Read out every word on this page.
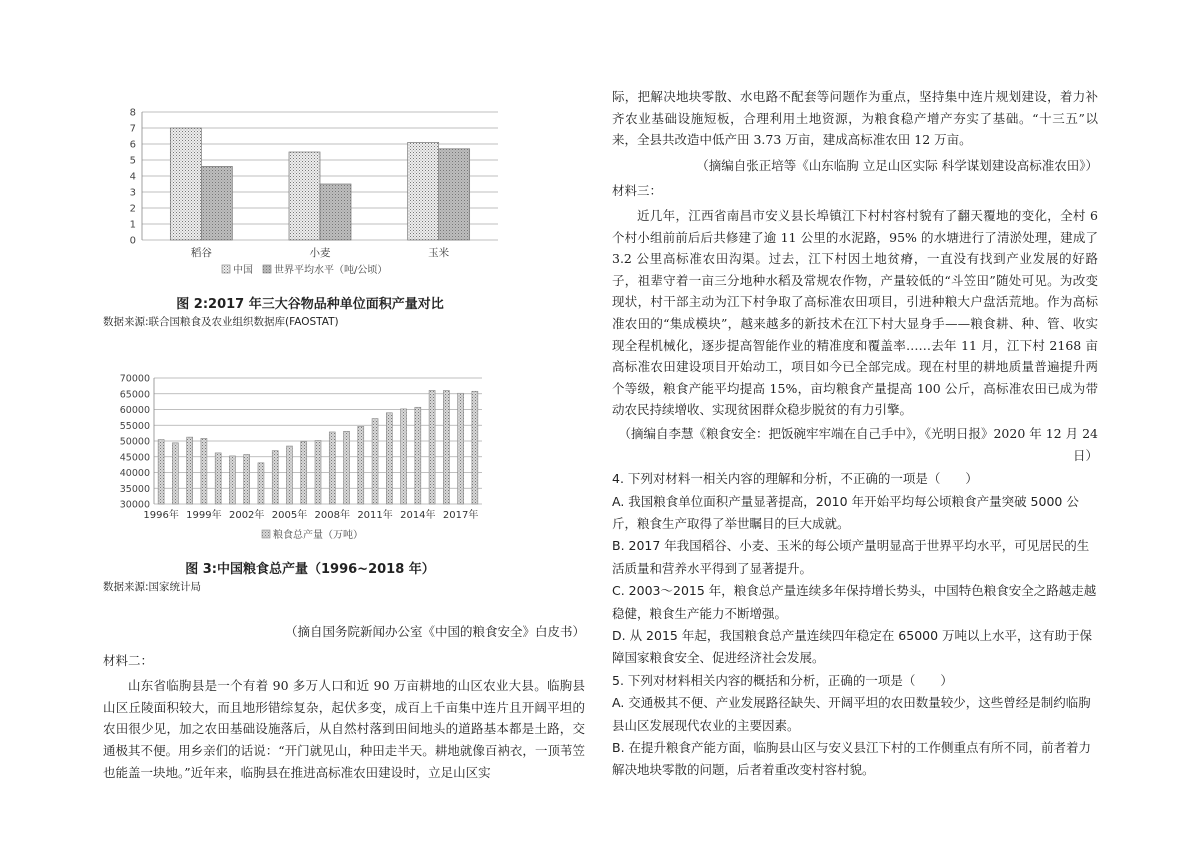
0
1
2
3
4
5
6
7
8
稻谷	小麦	玉米
中国 世界平均水平（吨/公顷）
图 2:2017 年三大谷物品种单位面积产量对比
数据来源:联合国粮食及农业组织数据库(FAOSTAT)
30000
35000
40000
45000
50000
55000
60000
65000
70000
1996年 1999年 2002年 2005年 2008年 2011年 2014年 2017年
粮食总产量（万吨）
图 3:中国粮食总产量（1996~2018 年）
数据来源:国家统计局

（摘自国务院新闻办公室《中国的粮食安全》白皮书）

材料二：

山东省临朐县是一个有着 90 多万人口和近 90 万亩耕地的山区农业大县。临朐县山区丘陵面积较大，而且地形错综复杂，起伏多变，成百上千亩集中连片且开阔平坦的农田很少见，加之农田基础设施落后，从自然村落到田间地头的道路基本都是土路，交通极其不便。用乡亲们的话说：“开门就见山，种田走半天。耕地就像百衲衣，一顶苇笠也能盖一块地。”近年来，临朐县在推进高标准农田建设时，立足山区实

际，把解决地块零散、水电路不配套等问题作为重点，坚持集中连片规划建设，着力补齐农业基础设施短板，合理利用土地资源，为粮食稳产增产夯实了基础。“十三五”以来，全县共改造中低产田 3.73 万亩，建成高标准农田 12 万亩。

（摘编自张正培等《山东临朐 立足山区实际 科学谋划建设高标准农田》）

材料三：

近几年，江西省南昌市安义县长埠镇江下村村容村貌有了翻天覆地的变化，全村 6 个村小组前前后后共修建了逾 11 公里的水泥路，95% 的水塘进行了清淤处理，建成了 3.2 公里高标准农田沟渠。过去，江下村因土地贫瘠，一直没有找到产业发展的好路子，祖辈守着一亩三分地种水稻及常规农作物，产量较低的“斗笠田”随处可见。为改变现状，村干部主动为江下村争取了高标准农田项目，引进种粮大户盘活荒地。作为高标准农田的“集成模块”，越来越多的新技术在江下村大显身手——粮食耕、种、管、收实现全程机械化，逐步提高智能作业的精准度和覆盖率……去年 11 月，江下村 2168 亩高标准农田建设项目开始动工，项目如今已全部完成。现在村里的耕地质量普遍提升两个等级，粮食产能平均提高 15%，亩均粮食产量提高 100 公斤，高标准农田已成为带动农民持续增收、实现贫困群众稳步脱贫的有力引擎。

（摘编自李慧《粮食安全：把饭碗牢牢端在自己手中》，《光明日报》2020 年 12 月 24 日）

4. 下列对材料一相关内容的理解和分析，不正确的一项是（　　）

A. 我国粮食单位面积产量显著提高，2010 年开始平均每公顷粮食产量突破 5000 公斤，粮食生产取得了举世瞩目的巨大成就。

B. 2017 年我国稻谷、小麦、玉米的每公顷产量明显高于世界平均水平，可见居民的生活质量和营养水平得到了显著提升。

C. 2003～2015 年，粮食总产量连续多年保持增长势头，中国特色粮食安全之路越走越稳健，粮食生产能力不断增强。

D. 从 2015 年起，我国粮食总产量连续四年稳定在 65000 万吨以上水平，这有助于保障国家粮食安全、促进经济社会发展。

5. 下列对材料相关内容的概括和分析，正确的一项是（　　）

A. 交通极其不便、产业发展路径缺失、开阔平坦的农田数量较少，这些曾经是制约临朐县山区发展现代农业的主要因素。

B. 在提升粮食产能方面，临朐县山区与安义县江下村的工作侧重点有所不同，前者着力解决地块零散的问题，后者着重改变村容村貌。
